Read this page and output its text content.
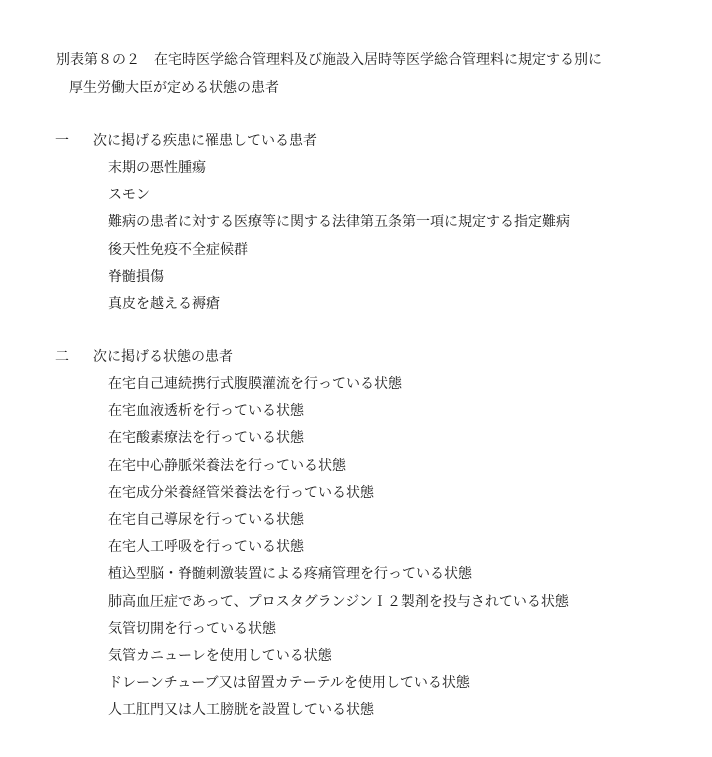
別表第８の２　在宅時医学総合管理料及び施設入居時等医学総合管理料に規定する別に
厚生労働大臣が定める状態の患者
一 次に掲げる疾患に罹患している患者
末期の悪性腫瘍
スモン
難病の患者に対する医療等に関する法律第五条第一項に規定する指定難病
後天性免疫不全症候群
脊髄損傷
真皮を越える褥瘡
二 次に掲げる状態の患者
在宅自己連続携行式腹膜灌流を行っている状態
在宅血液透析を行っている状態
在宅酸素療法を行っている状態
在宅中心静脈栄養法を行っている状態
在宅成分栄養経管栄養法を行っている状態
在宅自己導尿を行っている状態
在宅人工呼吸を行っている状態
植込型脳・脊髄刺激装置による疼痛管理を行っている状態
肺高血圧症であって、プロスタグランジンＩ２製剤を投与されている状態
気管切開を行っている状態
気管カニューレを使用している状態
ドレーンチューブ又は留置カテーテルを使用している状態
人工肛門又は人工膀胱を設置している状態
